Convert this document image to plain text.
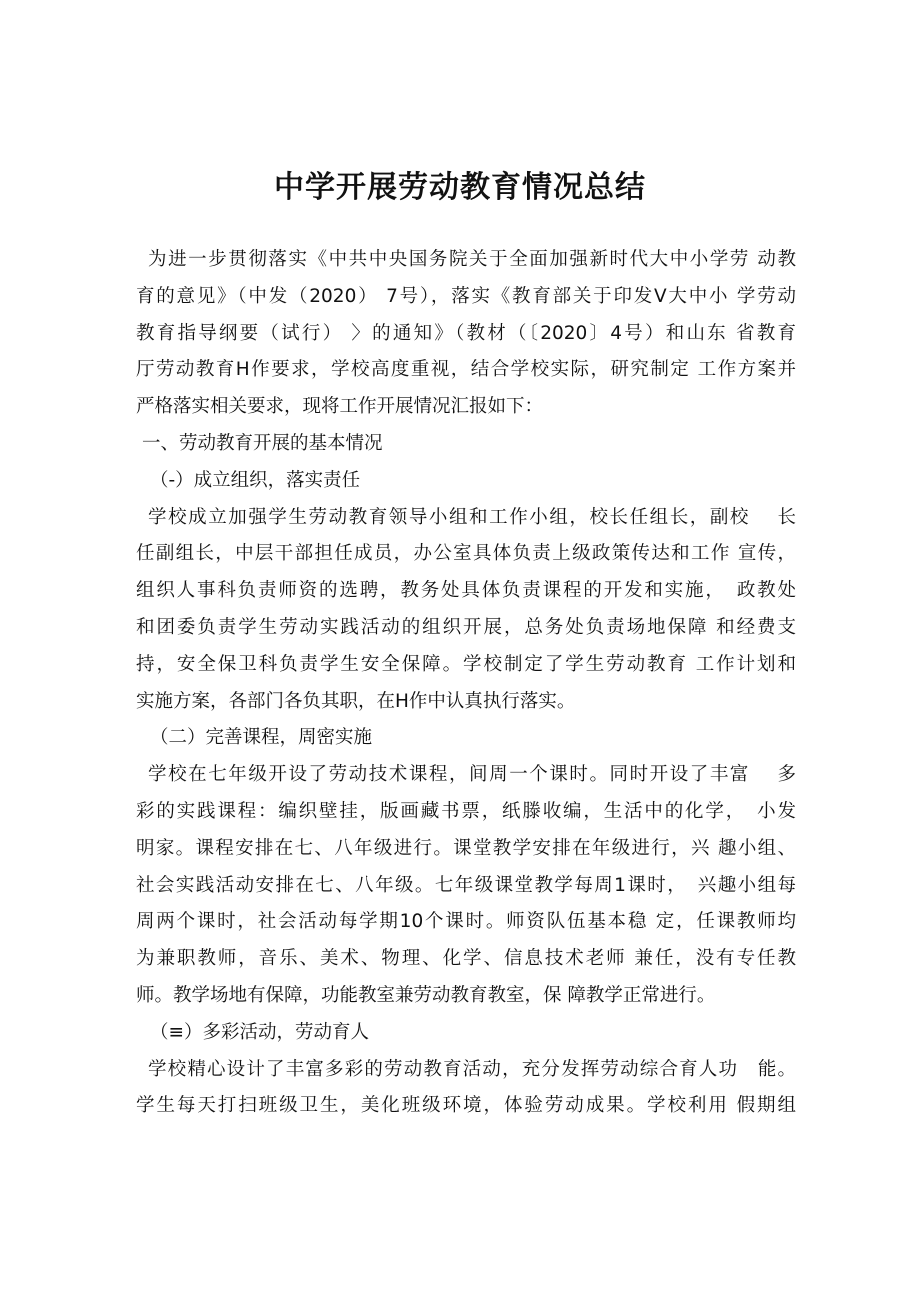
中学开展劳动教育情况总结
为进一步贯彻落实《中共中央国务院关于全面加强新时代大中小学劳 动教
育的意见》（中发（2020） 7号），落实《教育部关于印发V大中小 学劳动
教育指导纲要（试行） 〉的通知》（教材（〔2020〕4号）和山东 省教育
厅劳动教育H作要求，学校高度重视，结合学校实际，研究制定 工作方案并
严格落实相关要求，现将工作开展情况汇报如下：
一、劳动教育开展的基本情况
（-）成立组织，落实责任
学校成立加强学生劳动教育领导小组和工作小组，校长任组长，副校　 长
任副组长，中层干部担任成员，办公室具体负责上级政策传达和工作 宣传，
组织人事科负责师资的选聘，教务处具体负责课程的开发和实施，　政教处
和团委负责学生劳动实践活动的组织开展，总务处负责场地保障 和经费支
持，安全保卫科负责学生安全保障。学校制定了学生劳动教育 工作计划和
实施方案，各部门各负其职，在H作中认真执行落实。
（二）完善课程，周密实施
学校在七年级开设了劳动技术课程，间周一个课时。同时开设了丰富　 多
彩的实践课程：编织壁挂，版画藏书票，纸滕收编，生活中的化学，　小发
明家。课程安排在七、八年级进行。课堂教学安排在年级进行，兴 趣小组、
社会实践活动安排在七、八年级。七年级课堂教学每周1课时，　兴趣小组每
周两个课时，社会活动每学期10个课时。师资队伍基本稳 定，任课教师均
为兼职教师，音乐、美术、物理、化学、信息技术老师 兼任，没有专任教
师。教学场地有保障，功能教室兼劳动教育教室，保 障教学正常进行。
（≡）多彩活动，劳动育人
学校精心设计了丰富多彩的劳动教育活动，充分发挥劳动综合育人功　能。
学生每天打扫班级卫生，美化班级环境，体验劳动成果。学校利用 假期组
